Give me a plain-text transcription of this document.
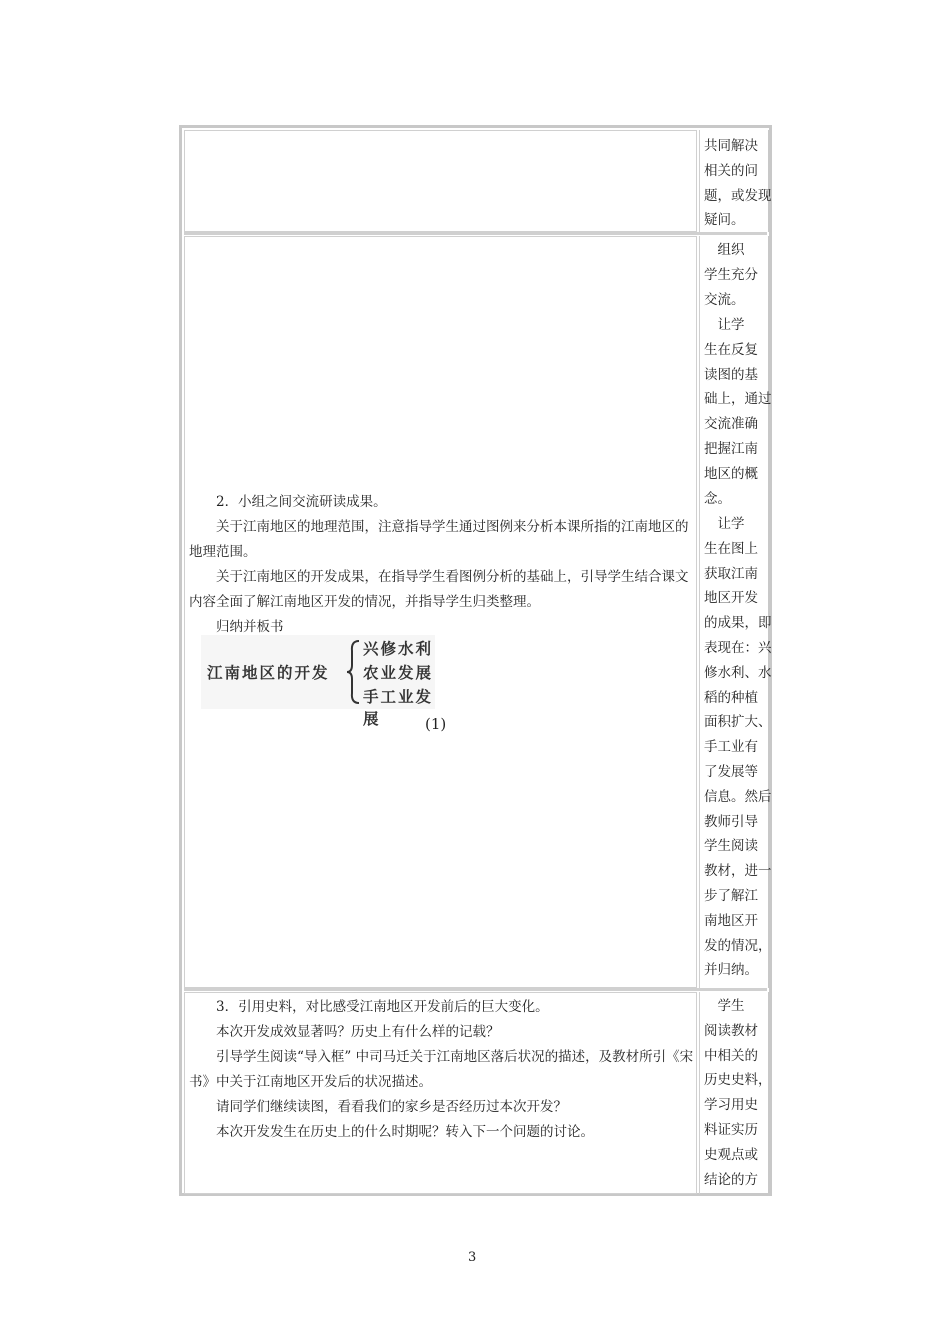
共同解决
相关的问
题，或发现
疑问。
2．小组之间交流研读成果。
关于江南地区的地理范围，注意指导学生通过图例来分析本课所指的江南地区的地理范围。
关于江南地区的开发成果，在指导学生看图例分析的基础上，引导学生结合课文内容全面了解江南地区开发的情况，并指导学生归类整理。
归纳并板书
江南地区的开发
兴修水利
农业发展
手工业发展	(1)
　组织
学生充分
交流。
　让学
生在反复
读图的基
础上，通过
交流准确
把握江南
地区的概
念。
　让学
生在图上
获取江南
地区开发
的成果，即
表现在：兴
修水利、水
稻的种植
面积扩大、
手工业有
了发展等
信息。然后
教师引导
学生阅读
教材，进一
步了解江
南地区开
发的情况，
并归纳。
3．引用史料，对比感受江南地区开发前后的巨大变化。
本次开发成效显著吗？历史上有什么样的记载？
引导学生阅读“导入框” 中司马迁关于江南地区落后状况的描述，及教材所引《宋书》中关于江南地区开发后的状况描述。
请同学们继续读图，看看我们的家乡是否经历过本次开发？
本次开发发生在历史上的什么时期呢？转入下一个问题的讨论。
　学生
阅读教材
中相关的
历史史料，
学习用史
料证实历
史观点或
结论的方
3
